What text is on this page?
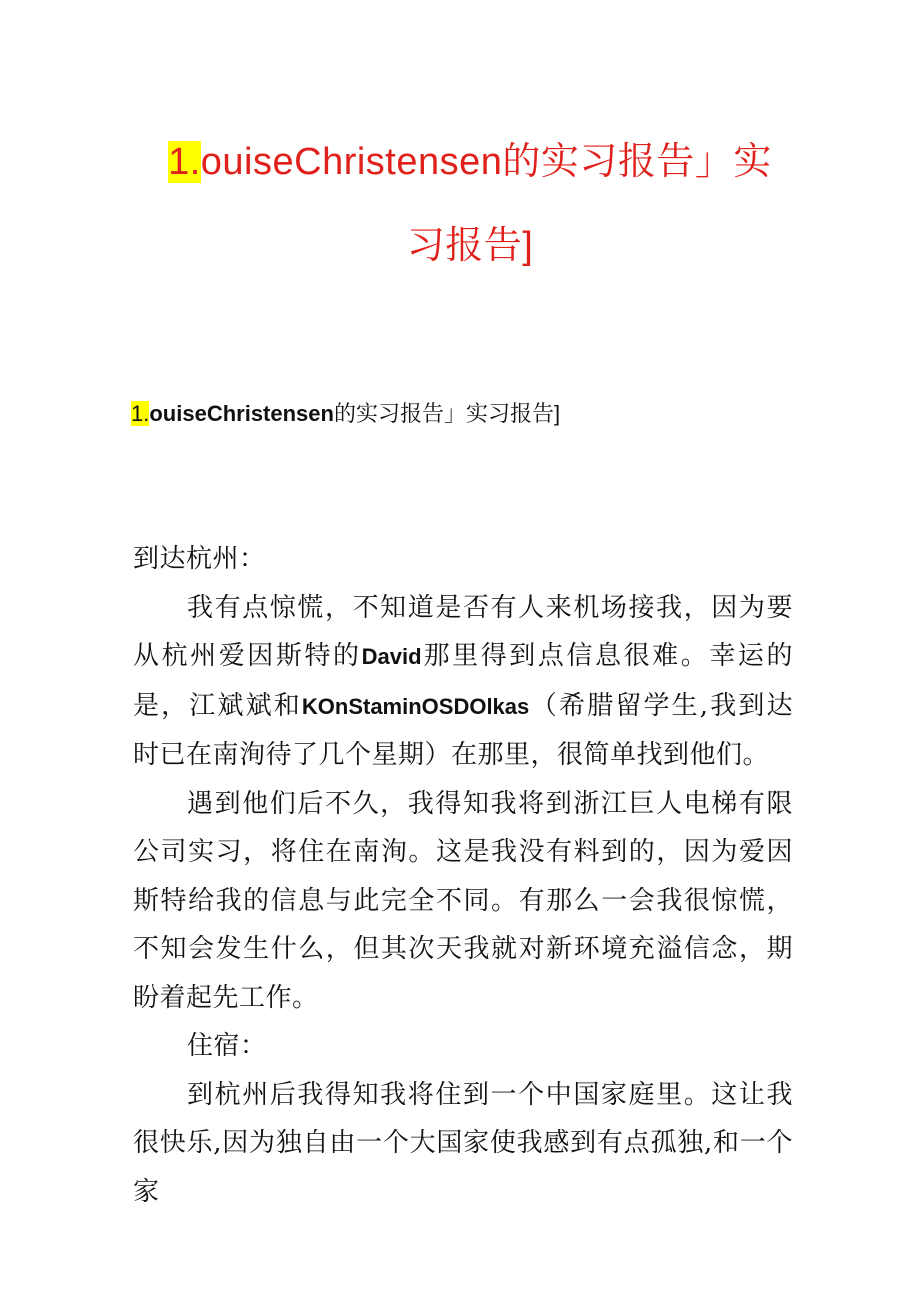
1.ouiseChristensen的实习报告」实习报告]
1.ouiseChristensen的实习报告」实习报告]

到达杭州：

我有点惊慌，不知道是否有人来机场接我，因为要从杭州爱因斯特的David那里得到点信息很难。幸运的是，江斌斌和KOnStaminOSDOlkas（希腊留学生,我到达时已在南洵待了几个星期）在那里，很简单找到他们。

遇到他们后不久，我得知我将到浙江巨人电梯有限公司实习，将住在南洵。这是我没有料到的，因为爱因斯特给我的信息与此完全不同。有那么一会我很惊慌，不知会发生什么，但其次天我就对新环境充溢信念，期盼着起先工作。

住宿：

到杭州后我得知我将住到一个中国家庭里。这让我很快乐,因为独自由一个大国家使我感到有点孤独,和一个家
